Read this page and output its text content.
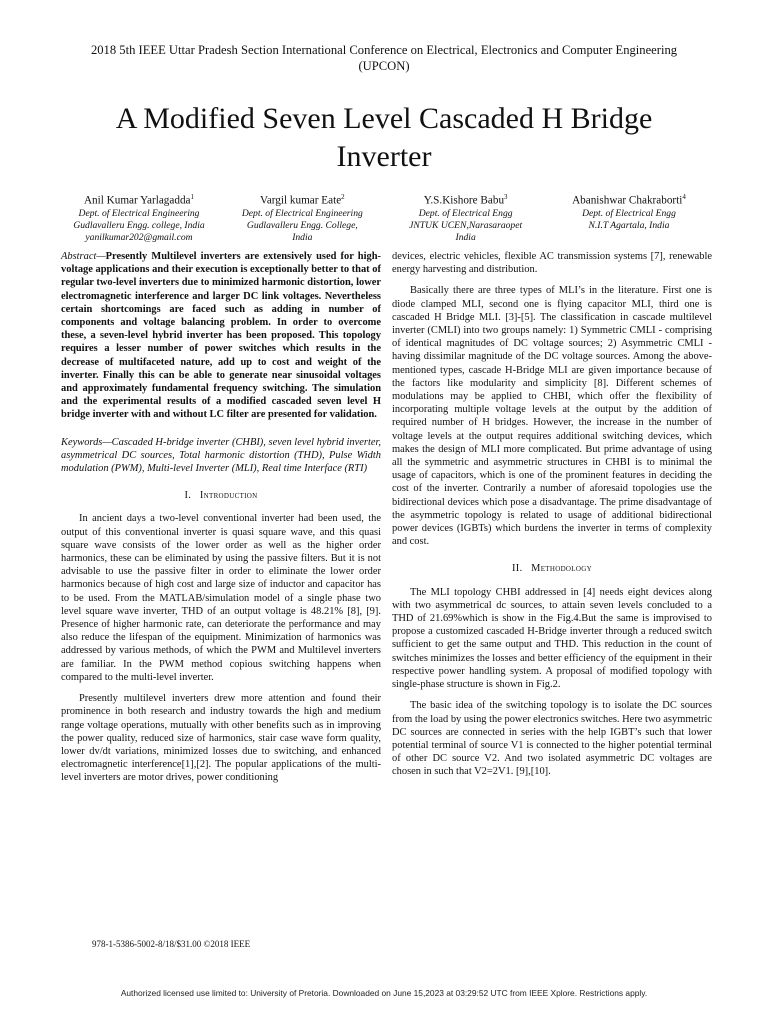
2018 5th IEEE Uttar Pradesh Section International Conference on Electrical, Electronics and Computer Engineering
(UPCON)
A Modified Seven Level Cascaded H Bridge
Inverter
Anil Kumar Yarlagadda$^1$
Dept. of Electrical Engineering
Gudlavalleru Engg. college, India
yanilkumar202@gmail.com
Vargil kumar Eate$^2$
Dept. of Electrical Engineering
Gudlavalleru Engg. College,
India
Y.S.Kishore Babu$^3$
Dept. of Electrical Engg
JNTUK UCEN,Narasaraopet
India
Abanishwar Chakraborti$^4$
Dept. of Electrical Engg
N.I.T Agartala, India

Abstract—Presently Multilevel inverters are extensively used for high-voltage applications and their execution is exceptionally better to that of regular two-level inverters due to minimized harmonic distortion, lower electromagnetic interference and larger DC link voltages. Nevertheless certain shortcomings are faced such as adding in number of components and voltage balancing problem. In order to overcome these, a seven-level hybrid inverter has been proposed. This topology requires a lesser number of power switches which results in the decrease of multifaceted nature, add up to cost and weight of the inverter. Finally this can be able to generate near sinusoidal voltages and approximately fundamental frequency switching. The simulation and the experimental results of a modified cascaded seven level H bridge inverter with and without LC filter are presented for validation.

Keywords—Cascaded H-bridge inverter (CHBI), seven level hybrid inverter, asymmetrical DC sources, Total harmonic distortion (THD), Pulse Width modulation (PWM), Multi-level Inverter (MLI), Real time Interface (RTI)

I. Introduction

In ancient days a two-level conventional inverter had been used, the output of this conventional inverter is quasi square wave, and this quasi square wave consists of the lower order as well as the higher order harmonics, these can be eliminated by using the passive filters. But it is not advisable to use the passive filter in order to eliminate the lower order harmonics because of high cost and large size of inductor and capacitor has to be used. From the MATLAB/simulation model of a single phase two level square wave inverter, THD of an output voltage is 48.21% [8], [9]. Presence of higher harmonic rate, can deteriorate the performance and may also reduce the lifespan of the equipment. Minimization of harmonics was addressed by various methods, of which the PWM and Multilevel inverters are familiar. In the PWM method copious switching happens when compared to the multi-level inverter.

Presently multilevel inverters drew more attention and found their prominence in both research and industry towards the high and medium range voltage operations, mutually with other benefits such as in improving the power quality, reduced size of harmonics, stair case wave form quality, lower dv/dt variations, minimized losses due to switching, and enhanced electromagnetic interference[1],[2]. The popular applications of the multi-level inverters are motor drives, power conditioning

devices, electric vehicles, flexible AC transmission systems [7], renewable energy harvesting and distribution.

Basically there are three types of MLI’s in the literature. First one is diode clamped MLI, second one is flying capacitor MLI, third one is cascaded H Bridge MLI. [3]-[5]. The classification in cascade multilevel inverter (CMLI) into two groups namely: 1) Symmetric CMLI - comprising of identical magnitudes of DC voltage sources; 2) Asymmetric CMLI - having dissimilar magnitude of the DC voltage sources. Among the above-mentioned types, cascade H-Bridge MLI are given importance because of the factors like modularity and simplicity [8]. Different schemes of modulations may be applied to CHBI, which offer the flexibility of incorporating multiple voltage levels at the output by the addition of required number of H bridges. However, the increase in the number of voltage levels at the output requires additional switching devices, which makes the design of MLI more complicated. But prime advantage of using all the symmetric and asymmetric structures in CHBI is to minimal the usage of capacitors, which is one of the prominent features in deciding the cost of the inverter. Contrarily a number of aforesaid topologies use the bidirectional devices which pose a disadvantage. The prime disadvantage of the asymmetric topology is related to usage of additional bidirectional power devices (IGBTs) which burdens the inverter in terms of complexity and cost.

II. Methodology

The MLI topology CHBI addressed in [4] needs eight devices along with two asymmetrical dc sources, to attain seven levels concluded to a THD of 21.69%which is show in the Fig.4.But the same is improvised to propose a customized cascaded H-Bridge inverter through a reduced switch sufficient to get the same output and THD. This reduction in the count of switches minimizes the losses and better efficiency of the equipment in their respective power handling system. A proposal of modified topology with single-phase structure is shown in Fig.2.

The basic idea of the switching topology is to isolate the DC sources from the load by using the power electronics switches. Here two asymmetric DC sources are connected in series with the help IGBT’s such that lower potential terminal of source V1 is connected to the higher potential terminal of other DC source V2. And two isolated asymmetric DC voltages are chosen in such that V2=2V1. [9],[10].

978-1-5386-5002-8/18/$31.00 ©2018 IEEE
Authorized licensed use limited to: University of Pretoria. Downloaded on June 15,2023 at 03:29:52 UTC from IEEE Xplore. Restrictions apply.
